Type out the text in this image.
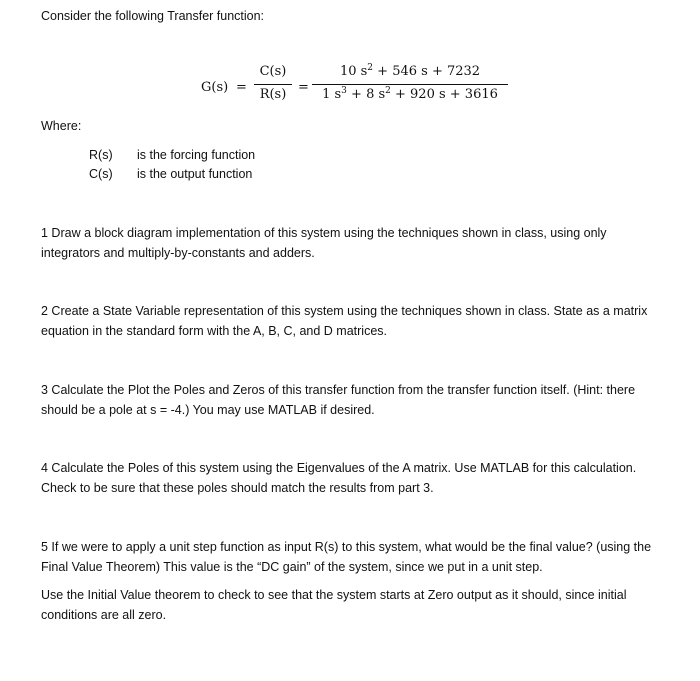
Consider the following Transfer function:
G(s) =
C(s)
R(s) =
10 $s^2 + 546$ s + 7232
1 $s^3 + 8$ $s^2 + 920$ s + 3616
Where:
R(s) is the forcing function
C(s) is the output function
1 Draw a block diagram implementation of this system using the techniques shown in class, using only integrators and multiply-by-constants and adders.
2 Create a State Variable representation of this system using the techniques shown in class. State as a matrix equation in the standard form with the A, B, C, and D matrices.
3 Calculate the Plot the Poles and Zeros of this transfer function from the transfer function itself. (Hint: there should be a pole at s = -4.) You may use MATLAB if desired.
4 Calculate the Poles of this system using the Eigenvalues of the A matrix. Use MATLAB for this calculation. Check to be sure that these poles should match the results from part 3.
5 If we were to apply a unit step function as input R(s) to this system, what would be the final value? (using the Final Value Theorem) This value is the “DC gain” of the system, since we put in a unit step.
Use the Initial Value theorem to check to see that the system starts at Zero output as it should, since initial conditions are all zero.
